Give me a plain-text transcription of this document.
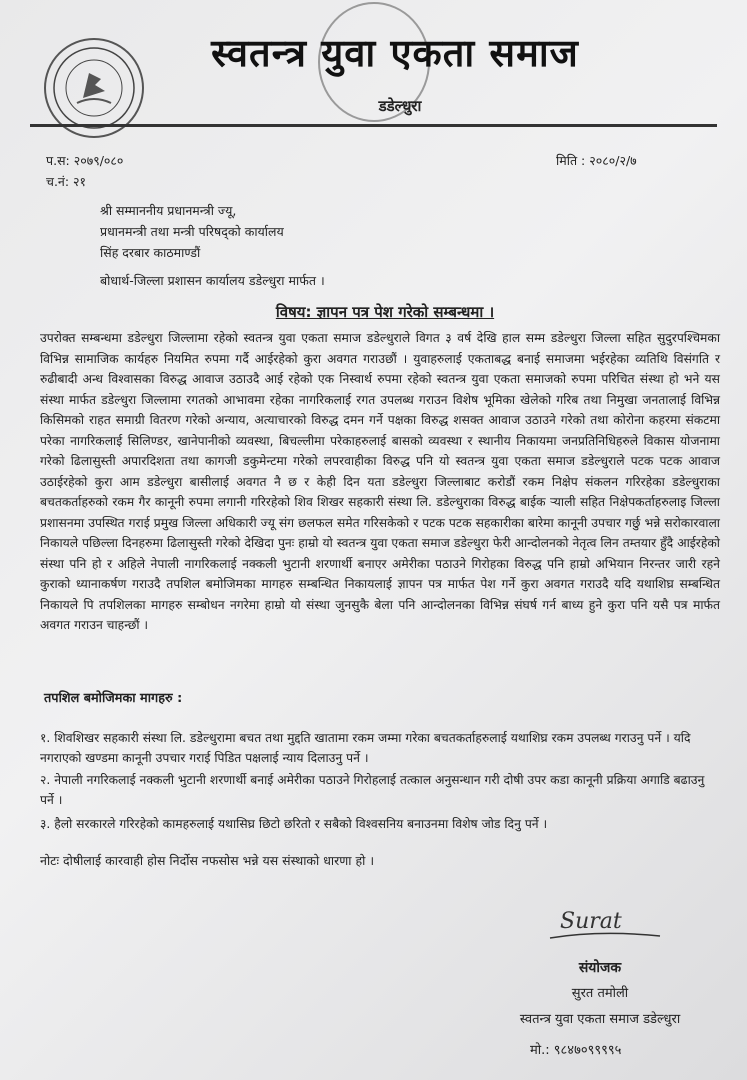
स्वतन्त्र युवा एकता समाज
डडेल्धुरा
प.स: २०७९/०८०
च.नं: २१
मिति : २०८०/२/७
श्री सम्माननीय प्रधानमन्त्री ज्यू,
प्रधानमन्त्री तथा मन्त्री परिषद्को कार्यालय
सिंह दरबार काठमाण्डौं
बोधार्थ-जिल्ला प्रशासन कार्यालय डडेल्धुरा मार्फत ।
विषय: ज्ञापन पत्र पेश गरेको सम्बन्धमा ।
उपरोक्त सम्बन्धमा डडेल्धुरा जिल्लामा रहेको स्वतन्त्र युवा एकता समाज डडेल्धुराले विगत ३ वर्ष देखि हाल सम्म डडेल्धुरा जिल्ला सहित सुदुरपश्चिमका विभिन्न सामाजिक कार्यहरु नियमित रुपमा गर्दै आईरहेको कुरा अवगत गराउछौं । युवाहरुलाई एकताबद्ध बनाई समाजमा भईरहेका व्यतिथि विसंगति र रुढीबादी अन्ध विश्वासका विरुद्ध आवाज उठाउदै आई रहेको एक निस्वार्थ रुपमा रहेको स्वतन्त्र युवा एकता समाजको रुपमा परिचित संस्था हो भने यस संस्था मार्फत डडेल्धुरा जिल्लामा रगतको आभावमा रहेका नागरिकलाई रगत उपलब्ध गराउन विशेष भूमिका खेलेको गरिब तथा निमुखा जनतालाई विभिन्न किसिमको राहत समाग्री वितरण गरेको अन्याय, अत्याचारको विरुद्ध दमन गर्ने पक्षका विरुद्ध शसक्त आवाज उठाउने गरेको तथा कोरोना कहरमा संकटमा परेका नागरिकलाई सिलिण्डर, खानेपानीको व्यवस्था, बिचल्लीमा परेकाहरुलाई बासको व्यवस्था र स्थानीय निकायमा जनप्रतिनिधिहरुले विकास योजनामा गरेको ढिलासुस्ती अपारदिशता तथा कागजी डकुमेन्टमा गरेको लपरवाहीका विरुद्ध पनि यो स्वतन्त्र युवा एकता समाज डडेल्धुराले पटक पटक आवाज उठाईरहेको कुरा आम डडेल्धुरा बासीलाई अवगत नै छ र केही दिन यता डडेल्धुरा जिल्लाबाट करोडौं रकम निक्षेप संकलन गरिरहेका डडेल्धुराका बचतकर्ताहरुको रकम गैर कानूनी रुपमा लगानी गरिरहेको शिव शिखर सहकारी संस्था लि. डडेल्धुराका विरुद्ध बाईक र्‍याली सहित निक्षेपकर्ताहरुलाइ जिल्ला प्रशासनमा उपस्थित गराई प्रमुख जिल्ला अधिकारी ज्यू संग छलफल समेत गरिसकेको र पटक पटक सहकारीका बारेमा कानूनी उपचार गर्छु भन्ने सरोकारवाला निकायले पछिल्ला दिनहरुमा ढिलासुस्ती गरेको देखिदा पुनः हाम्रो यो स्वतन्त्र युवा एकता समाज डडेल्धुरा फेरी आन्दोलनको नेतृत्व लिन तम्तयार हुँदै आईरहेको संस्था पनि हो र अहिले नेपाली नागरिकलाई नक्कली भुटानी शरणार्थी बनाएर अमेरीका पठाउने गिरोहका विरुद्ध पनि हाम्रो अभियान निरन्तर जारी रहने कुराको ध्यानाकर्षण गराउदै तपशिल बमोजिमका मागहरु सम्बन्धित निकायलाई ज्ञापन पत्र मार्फत पेश गर्ने कुरा अवगत गराउदै यदि यथाशिघ्र सम्बन्धित निकायले पि तपशिलका मागहरु सम्बोधन नगरेमा हाम्रो यो संस्था जुनसुकै बेला पनि आन्दोलनका विभिन्न संघर्ष गर्न बाध्य हुने कुरा पनि यसै पत्र मार्फत अवगत गराउन चाहन्छौं ।
तपशिल बमोजिमका मागहरु :
१. शिवशिखर सहकारी संस्था लि. डडेल्धुरामा बचत तथा मुद्दति खातामा रकम जम्मा गरेका बचतकर्ताहरुलाई यथाशिघ्र रकम उपलब्ध गराउनु पर्ने । यदि नगराएको खण्डमा कानूनी उपचार गराई पिडित पक्षलाई न्याय दिलाउनु पर्ने ।
२. नेपाली नगरिकलाई नक्कली भुटानी शरणार्थी बनाई अमेरीका पठाउने गिरोहलाई तत्काल अनुसन्धान गरी दोषी उपर कडा कानूनी प्रक्रिया अगाडि बढाउनु पर्ने ।
३. हैलो सरकारले गरिरहेको कामहरुलाई यथासिघ्र छिटो छरितो र सबैको विश्वसनिय बनाउनमा विशेष जोड दिनु पर्ने ।
नोटः दोषीलाई कारवाही होस निर्दोस नफसोस भन्ने यस संस्थाको धारणा हो ।
Surat
संयोजक
सुरत तमोली
स्वतन्त्र युवा एकता समाज डडेल्धुरा
मो.: ९८४७०९९९९५
